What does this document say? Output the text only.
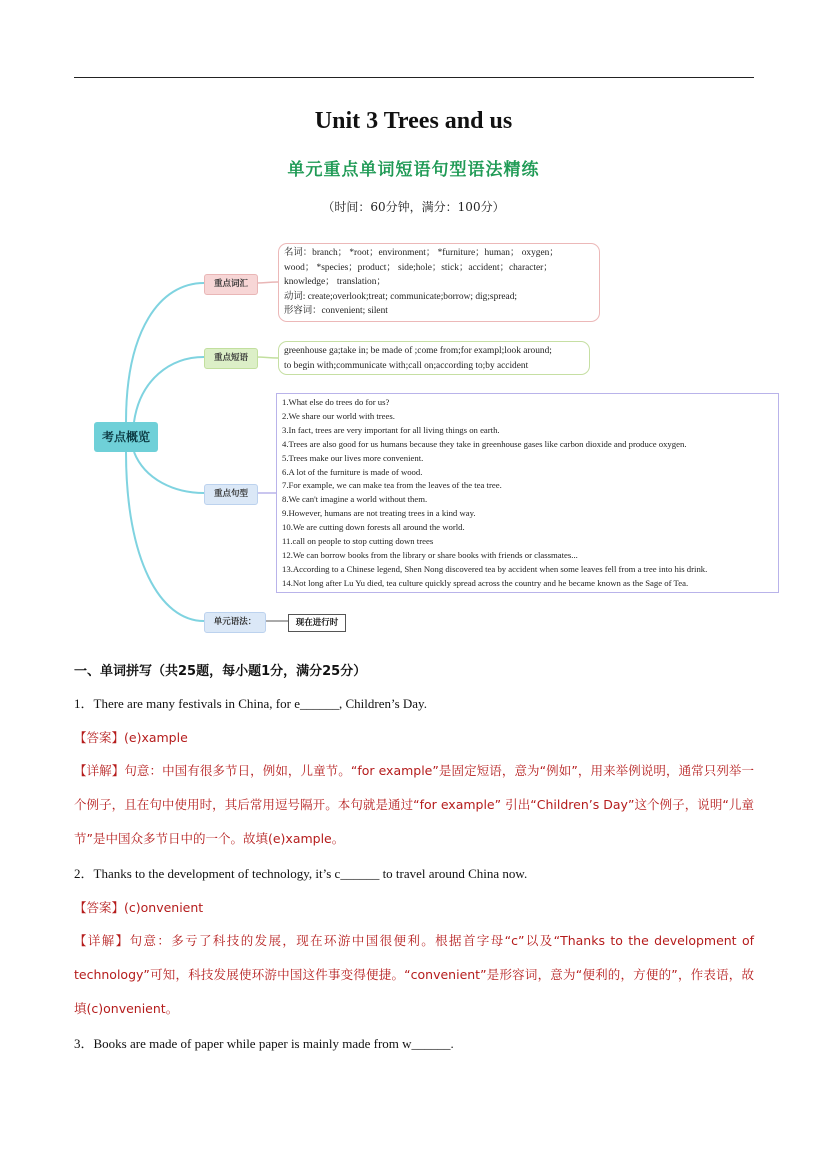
Unit 3 Trees and us
单元重点单词短语句型语法精练
（时间：60分钟，满分：100分）
考点概览
重点词汇
重点短语
重点句型
单元语法：	现在进行时
名词：branch； *root；environment； *furniture；human； oxygen；
wood； *species；product； side;hole；stick；accident；character；
knowledge； translation；
动词: create;overlook;treat; communicate;borrow; dig;spread;
形容词：convenient; silent
greenhouse ga;take in; be made of ;come from;for exampl;look around;
to begin with;communicate with;call on;according to;by accident
1.What else do trees do for us?
2.We share our world with trees.
3.In fact, trees are very important for all living things on earth.
4.Trees are also good for us humans because they take in greenhouse gases like carbon dioxide and produce oxygen.
5.Trees make our lives more convenient.
6.A lot of the furniture is made of wood.
7.For example, we can make tea from the leaves of the tea tree.
8.We can't imagine a world without them.
9.However, humans are not treating trees in a kind way.
10.We are cutting down forests all around the world.
11.call on people to stop cutting down trees
12.We can borrow books from the library or share books with friends or classmates...
13.According to a Chinese legend, Shen Nong discovered tea by accident when some leaves fell from a tree into his drink.
14.Not long after Lu Yu died, tea culture quickly spread across the country and he became known as the Sage of Tea.
一、单词拼写（共25题，每小题1分，满分25分）
1．There are many festivals in China, for e______, Children’s Day.
【答案】(e)xample
【详解】句意：中国有很多节日，例如，儿童节。“for example”是固定短语，意为“例如”，用来举例说明，通常只列举一个例子，且在句中使用时，其后常用逗号隔开。本句就是通过“for example” 引出“Children’s Day”这个例子，说明“儿童节”是中国众多节日中的一个。故填(e)xample。
2．Thanks to the development of technology, it’s c______ to travel around China now.
【答案】(c)onvenient
【详解】句意：多亏了科技的发展，现在环游中国很便利。根据首字母“c”以及“Thanks to the development of technology”可知，科技发展使环游中国这件事变得便捷。“convenient”是形容词，意为“便利的，方便的”，作表语，故填(c)onvenient。
3．Books are made of paper while paper is mainly made from w______.
